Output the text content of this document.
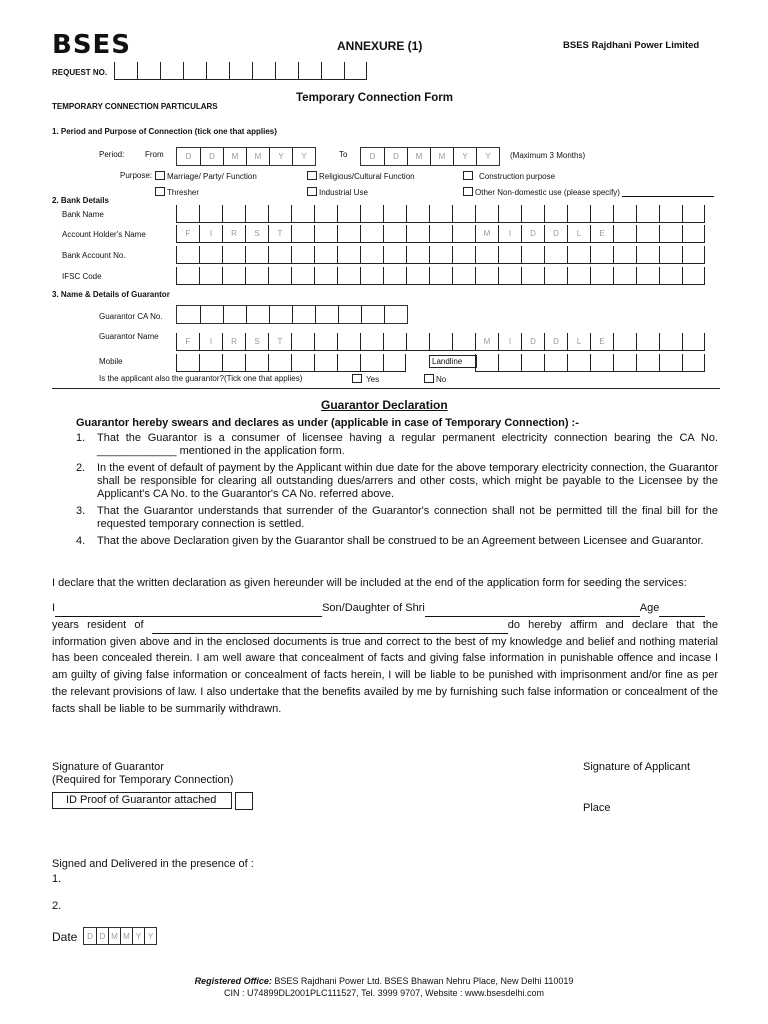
BSES	ANNEXURE (1)	BSES Rajdhani Power Limited
REQUEST NO.
Temporary Connection Form
TEMPORARY CONNECTION PARTICULARS
1. Period and Purpose of Connection (tick one that applies)
Period:	From	D	D	M	M	Y	Y	To	D	D	M	M	Y	Y	(Maximum 3 Months)
Purpose:	Marriage/ Party/ Function	Religious/Cultural Function	Construction purpose
Thresher	Industrial Use	Other Non-domestic use (please specify)
2. Bank Details
Bank Name
Account Holder's Name	F	I	R	S	T	M	I	D	D	L	E
Bank Account No.
IFSC Code
3. Name & Details of Guarantor
Guarantor CA No.
Guarantor Name
F	I	R	S	T	M	I	D	D	L	E
Mobile	Landline
Is the applicant also the guarantor?(Tick one that applies)	Yes	No
Guarantor Declaration
Guarantor hereby swears and declares as under (applicable in case of Temporary Connection) :-
1. That the Guarantor is a consumer of licensee having a regular permanent electricity connection bearing the CA No. _____________ mentioned in the application form.
2. In the event of default of payment by the Applicant within due date for the above temporary electricity connection, the Guarantor shall be responsible for clearing all outstanding dues/arrers and other costs, which might be payable to the Licensee by the Applicant's CA No. to the Guarantor's CA No. referred above.
3. That the Guarantor understands that surrender of the Guarantor's connection shall not be permitted till the final bill for the requested temporary connection is settled.
4. That the above Declaration given by the Guarantor shall be construed to be an Agreement between Licensee and Guarantor.
I declare that the written declaration as given hereunder will be included at the end of the application form for seeding the services:
I	Son/Daughter of Shri	Age
years resident of	do hereby affirm and declare that the information given above and in the enclosed documents is true and correct to the best of my knowledge and belief and nothing material has been concealed therein. I am well aware that concealment of facts and giving false information in punishable offence and incase I am guilty of giving false information or concealment of facts herein, I will be liable to be punished with imprisonment and/or fine as per the relevant provisions of law. I also undertake that the benefits availed by me by furnishing such false information or concealment of the facts shall be liable to be summarily withdrawn.
Signature of Guarantor
(Required for Temporary Connection)
Signature of Applicant
ID Proof of Guarantor attached
Place
Signed and Delivered in the presence of :
1.
2.
Date	D D M M Y Y
Registered Office: BSES Rajdhani Power Ltd. BSES Bhawan Nehru Place, New Delhi 110019
CIN : U74899DL2001PLC111527, Tel. 3999 9707, Website : www.bsesdelhi.com
